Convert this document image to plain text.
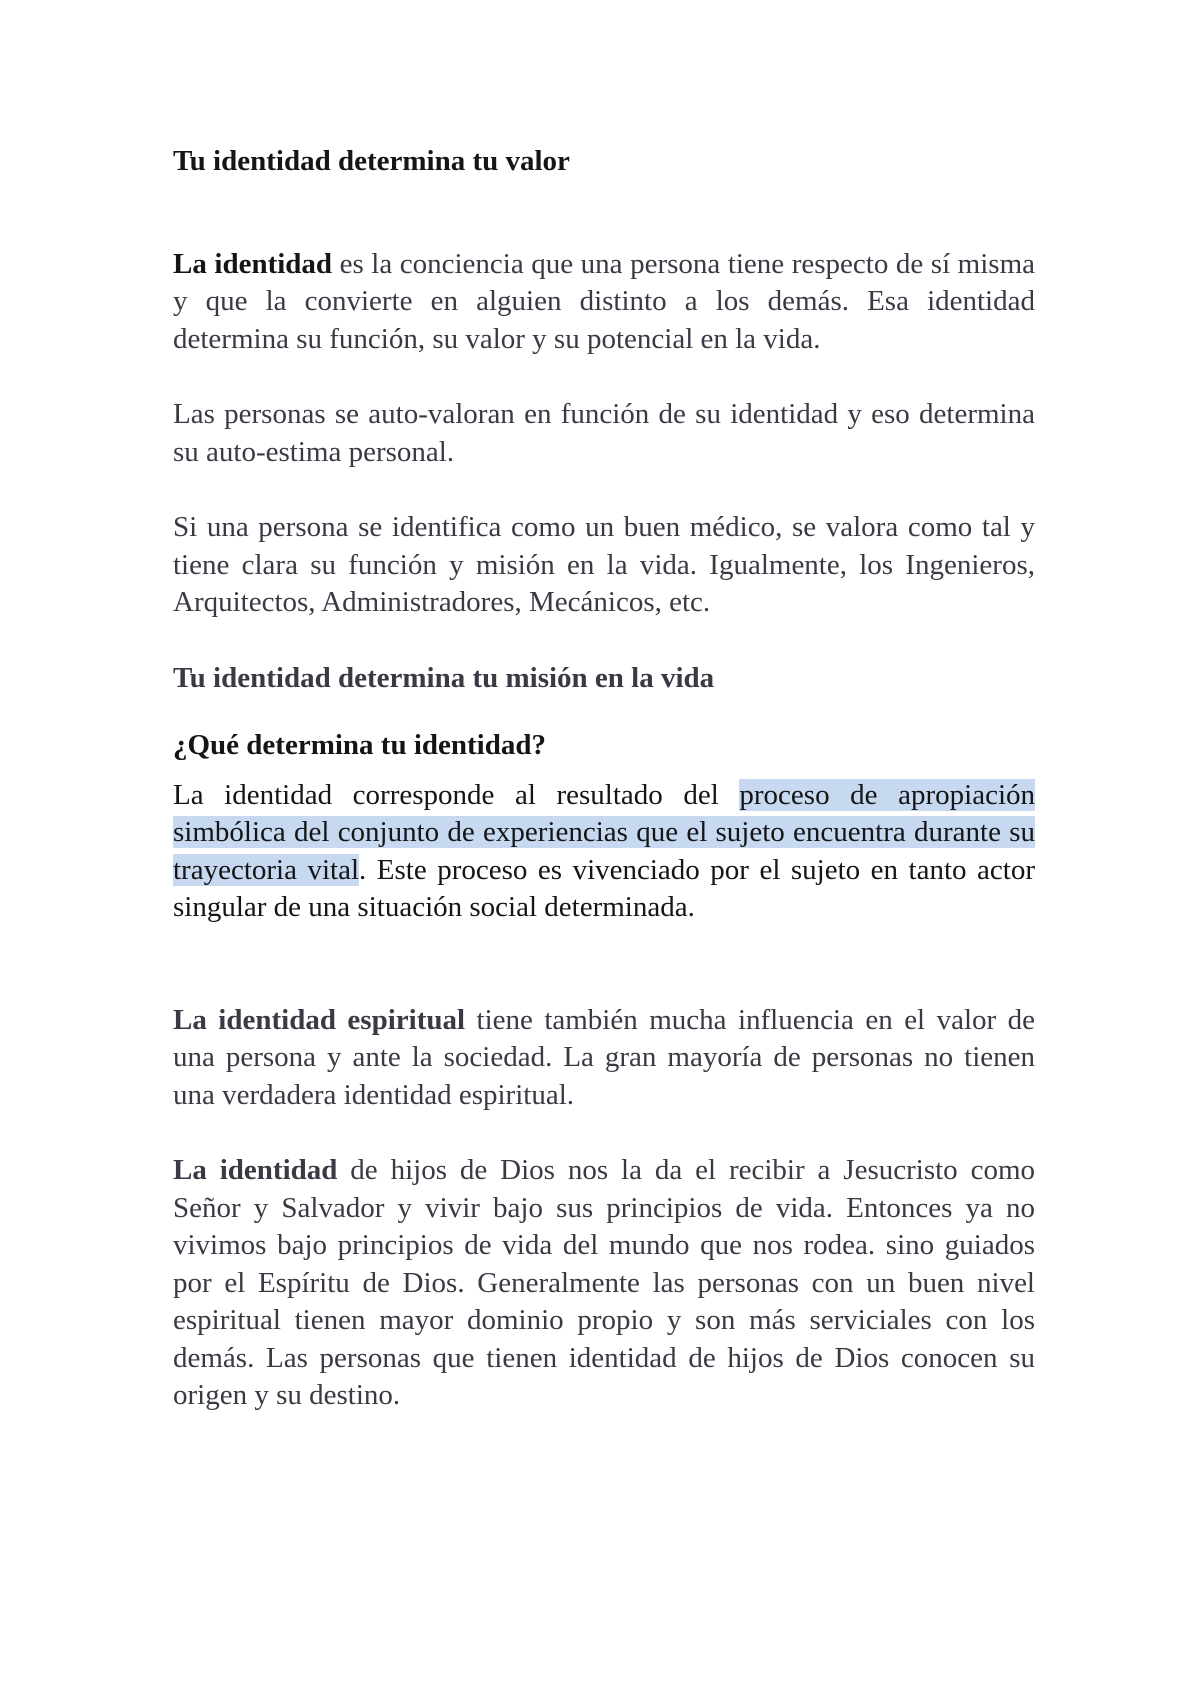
Tu identidad determina tu valor

La identidad es la conciencia que una persona tiene respecto de sí misma y que la convierte en alguien distinto a los demás. Esa identidad determina su función, su valor y su potencial en la vida.

Las personas se auto-valoran en función de su identidad y eso determina su auto-estima personal.

Si una persona se identifica como un buen médico, se valora como tal y tiene clara su función y misión en la vida. Igualmente, los Ingenieros, Arquitectos, Administradores, Mecánicos, etc.

Tu identidad determina tu misión en la vida

¿Qué determina tu identidad?

La identidad corresponde al resultado del proceso de apropiación simbólica del conjunto de experiencias que el sujeto encuentra durante su trayectoria vital. Este proceso es vivenciado por el sujeto en tanto actor singular de una situación social determinada.

La identidad espiritual tiene también mucha influencia en el valor de una persona y ante la sociedad. La gran mayoría de personas no tienen una verdadera identidad espiritual.

La identidad de hijos de Dios nos la da el recibir a Jesucristo como Señor y Salvador y vivir bajo sus principios de vida. Entonces ya no vivimos bajo principios de vida del mundo que nos rodea. sino guiados por el Espíritu de Dios. Generalmente las personas con un buen nivel espiritual tienen mayor dominio propio y son más serviciales con los demás. Las personas que tienen identidad de hijos de Dios conocen su origen y su destino.
